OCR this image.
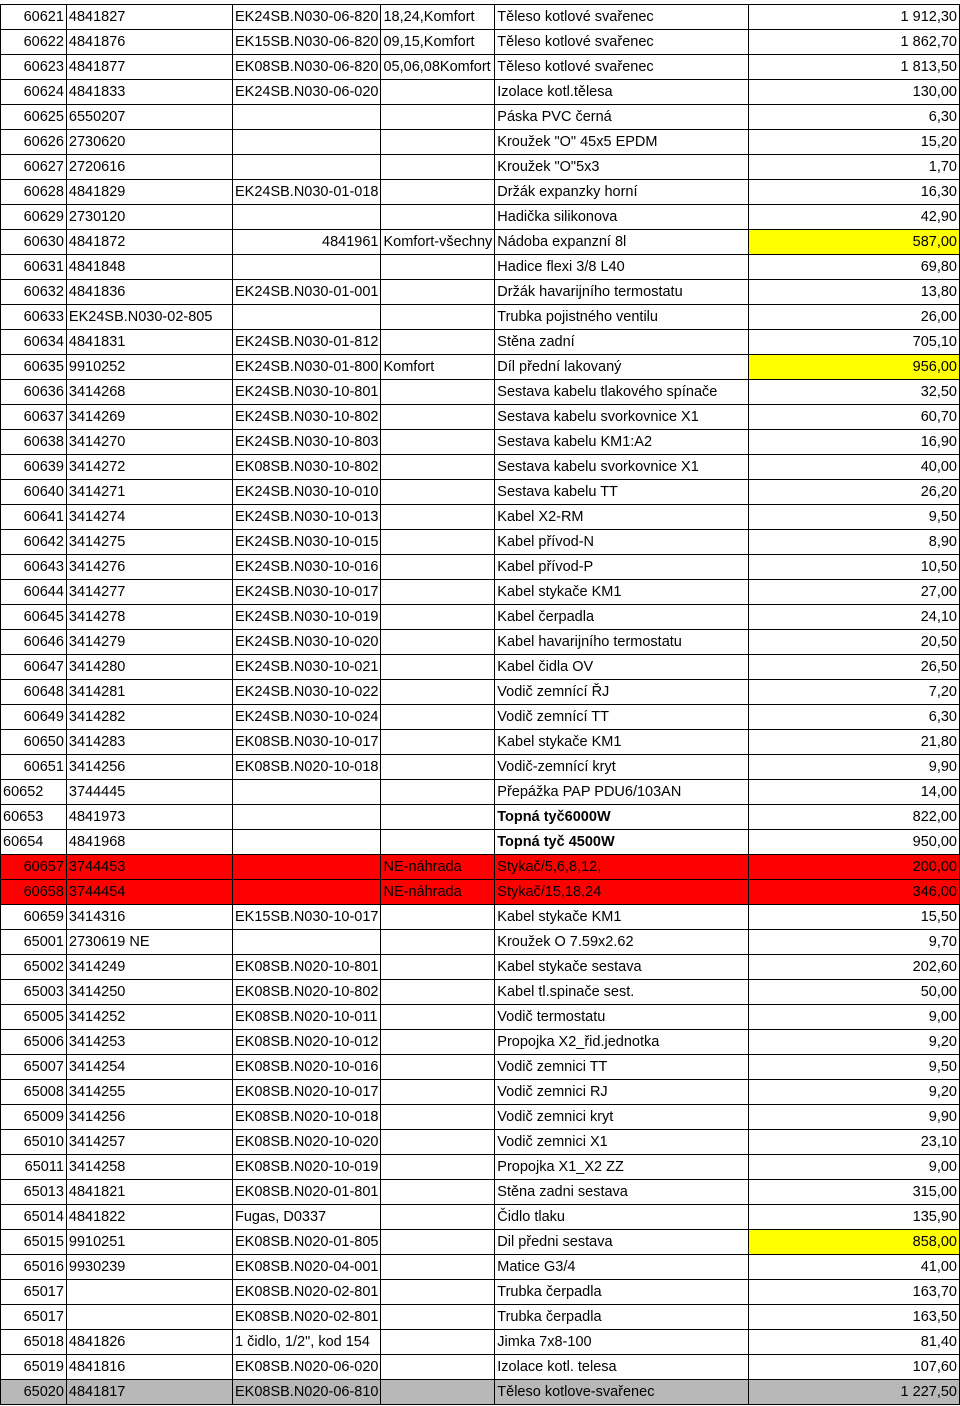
60621	4841827	EK24SB.N030-06-820	18,24,Komfort	Těleso kotlové svařenec	1 912,30
60622	4841876	EK15SB.N030-06-820	09,15,Komfort	Těleso kotlové svařenec	1 862,70
60623	4841877	EK08SB.N030-06-820	05,06,08Komfort	Těleso kotlové svařenec	1 813,50
60624	4841833	EK24SB.N030-06-020		Izolace kotl.tělesa	130,00
60625	6550207			Páska PVC černá	6,30
60626	2730620			Kroužek "O" 45x5 EPDM	15,20
60627	2720616			Kroužek "O"5x3	1,70
60628	4841829	EK24SB.N030-01-018		Držák expanzky horní	16,30
60629	2730120			Hadička silikonova	42,90
60630	4841872	4841961	Komfort-všechny	Nádoba expanzní 8l	587,00
60631	4841848			Hadice flexi 3/8 L40	69,80
60632	4841836	EK24SB.N030-01-001		Držák havarijního termostatu	13,80
60633	EK24SB.N030-02-805			Trubka pojistného ventilu	26,00
60634	4841831	EK24SB.N030-01-812		Stěna zadní	705,10
60635	9910252	EK24SB.N030-01-800	Komfort	Díl přední lakovaný	956,00
60636	3414268	EK24SB.N030-10-801		Sestava kabelu tlakového spínače	32,50
60637	3414269	EK24SB.N030-10-802		Sestava kabelu svorkovnice X1	60,70
60638	3414270	EK24SB.N030-10-803		Sestava kabelu KM1:A2	16,90
60639	3414272	EK08SB.N030-10-802		Sestava kabelu svorkovnice X1	40,00
60640	3414271	EK24SB.N030-10-010		Sestava kabelu TT	26,20
60641	3414274	EK24SB.N030-10-013		Kabel X2-RM	9,50
60642	3414275	EK24SB.N030-10-015		Kabel přívod-N	8,90
60643	3414276	EK24SB.N030-10-016		Kabel přívod-P	10,50
60644	3414277	EK24SB.N030-10-017		Kabel stykače KM1	27,00
60645	3414278	EK24SB.N030-10-019		Kabel čerpadla	24,10
60646	3414279	EK24SB.N030-10-020		Kabel havarijního termostatu	20,50
60647	3414280	EK24SB.N030-10-021		Kabel čidla OV	26,50
60648	3414281	EK24SB.N030-10-022		Vodič zemnící ŘJ	7,20
60649	3414282	EK24SB.N030-10-024		Vodič zemnící TT	6,30
60650	3414283	EK08SB.N030-10-017		Kabel stykače KM1	21,80
60651	3414256	EK08SB.N020-10-018		Vodič-zemnící kryt	9,90
60652	3744445			Přepážka PAP PDU6/103AN	14,00
60653	4841973			Topná tyč6000W	822,00
60654	4841968			Topná tyč 4500W	950,00
60657	3744453		NE-náhrada	Stykač/5,6,8,12,	200,00
60658	3744454		NE-náhrada	Stykač/15,18,24	346,00
60659	3414316	EK15SB.N030-10-017		Kabel stykače KM1	15,50
65001	2730619 NE			Kroužek O 7.59x2.62	9,70
65002	3414249	EK08SB.N020-10-801		Kabel stykače sestava	202,60
65003	3414250	EK08SB.N020-10-802		Kabel tl.spinače sest.	50,00
65005	3414252	EK08SB.N020-10-011		Vodič termostatu	9,00
65006	3414253	EK08SB.N020-10-012		Propojka X2_řid.jednotka	9,20
65007	3414254	EK08SB.N020-10-016		Vodič zemnici TT	9,50
65008	3414255	EK08SB.N020-10-017		Vodič zemnici RJ	9,20
65009	3414256	EK08SB.N020-10-018		Vodič zemnici kryt	9,90
65010	3414257	EK08SB.N020-10-020		Vodič zemnici X1	23,10
65011	3414258	EK08SB.N020-10-019		Propojka X1_X2 ZZ	9,00
65013	4841821	EK08SB.N020-01-801		Stěna zadni sestava	315,00
65014	4841822	Fugas, D0337		Čidlo tlaku	135,90
65015	9910251	EK08SB.N020-01-805		Dil předni sestava	858,00
65016	9930239	EK08SB.N020-04-001		Matice G3/4	41,00
65017		EK08SB.N020-02-801		Trubka čerpadla	163,70
65017		EK08SB.N020-02-801		Trubka čerpadla	163,50
65018	4841826	1 čidlo, 1/2", kod 154		Jimka 7x8-100	81,40
65019	4841816	EK08SB.N020-06-020		Izolace kotl. telesa	107,60
65020	4841817	EK08SB.N020-06-810		Těleso kotlove-svařenec	1 227,50
